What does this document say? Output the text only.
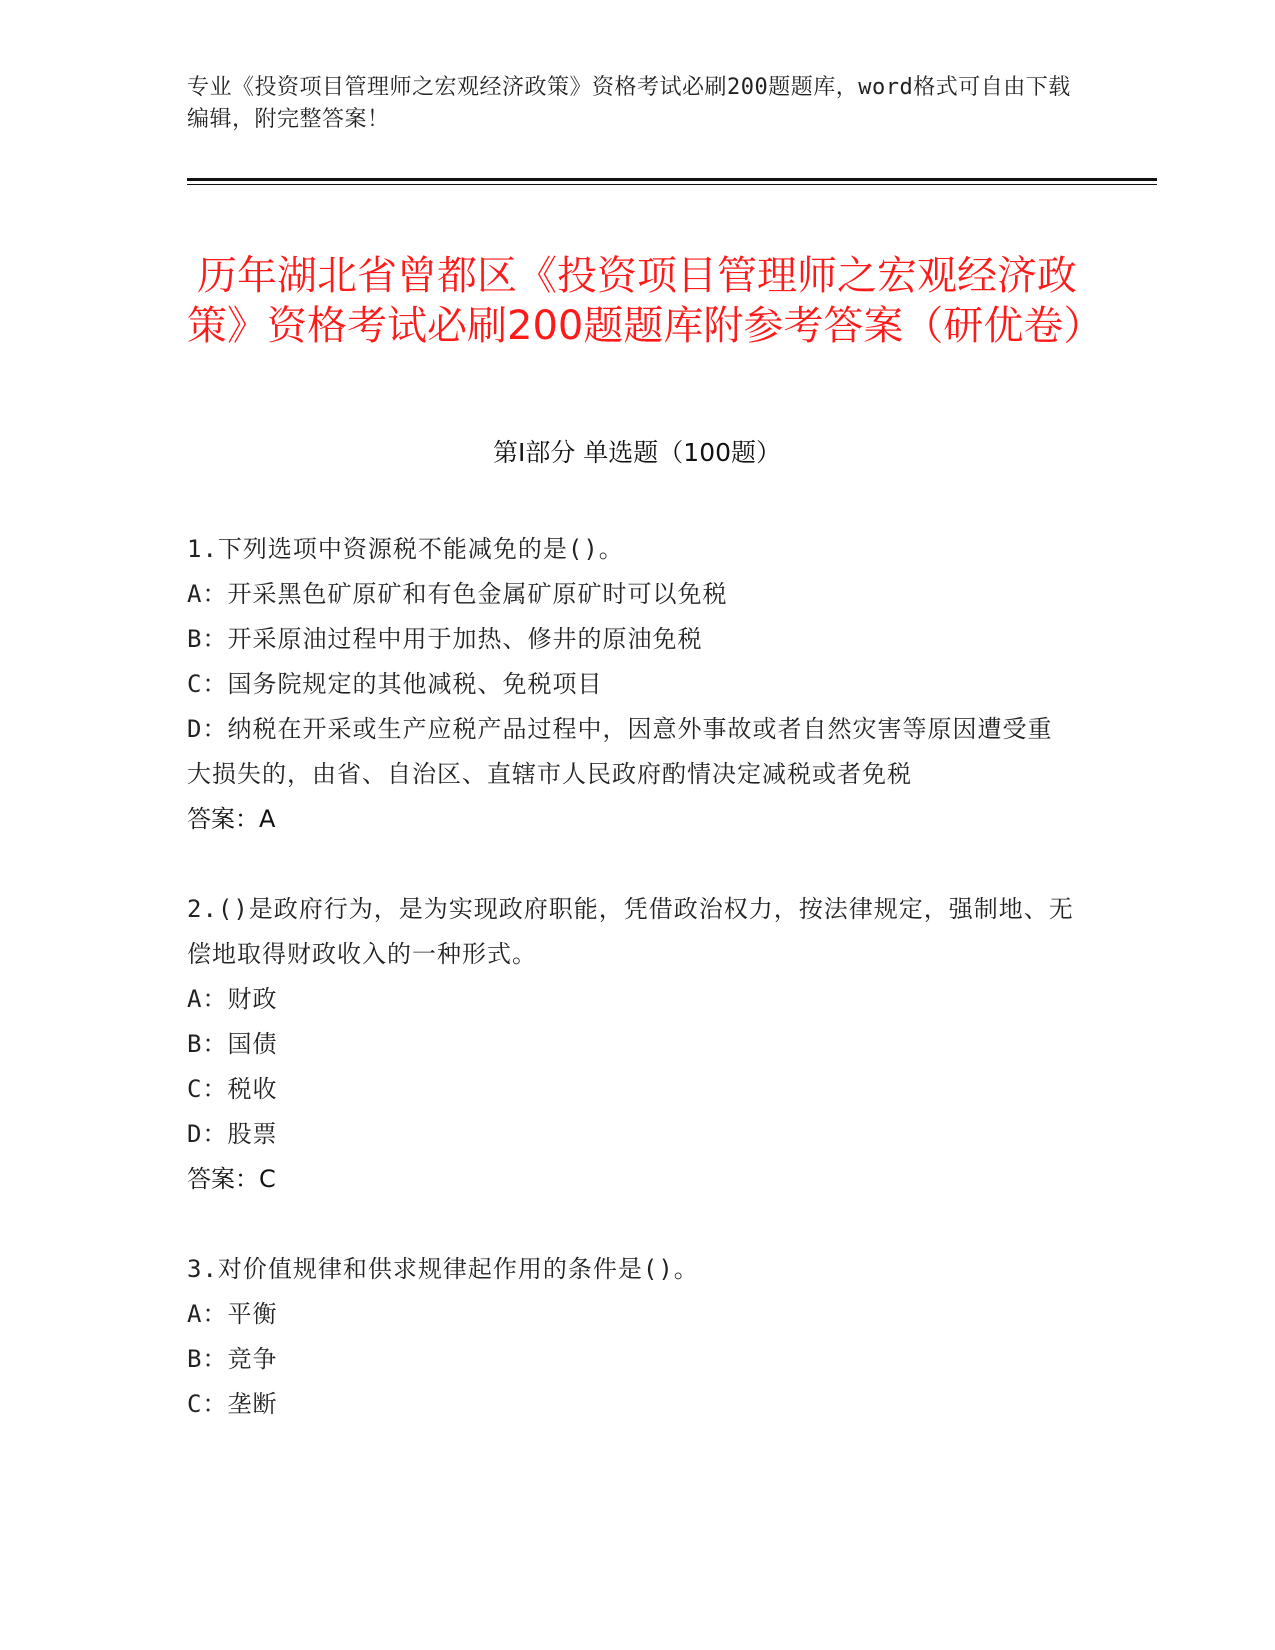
专业《投资项目管理师之宏观经济政策》资格考试必刷200题题库，word格式可自由下载编辑，附完整答案！
历年湖北省曾都区《投资项目管理师之宏观经济政策》资格考试必刷200题题库附参考答案（研优卷）
第Ⅰ部分 单选题（100题）

1.下列选项中资源税不能减免的是()。

A：开采黑色矿原矿和有色金属矿原矿时可以免税

B：开采原油过程中用于加热、修井的原油免税

C：国务院规定的其他减税、免税项目

D：纳税在开采或生产应税产品过程中，因意外事故或者自然灾害等原因遭受重大损失的，由省、自治区、直辖市人民政府酌情决定减税或者免税

答案：A

2.()是政府行为，是为实现政府职能，凭借政治权力，按法律规定，强制地、无偿地取得财政收入的一种形式。

A：财政

B：国债

C：税收

D：股票

答案：C

3.对价值规律和供求规律起作用的条件是()。

A：平衡

B：竞争

C：垄断
